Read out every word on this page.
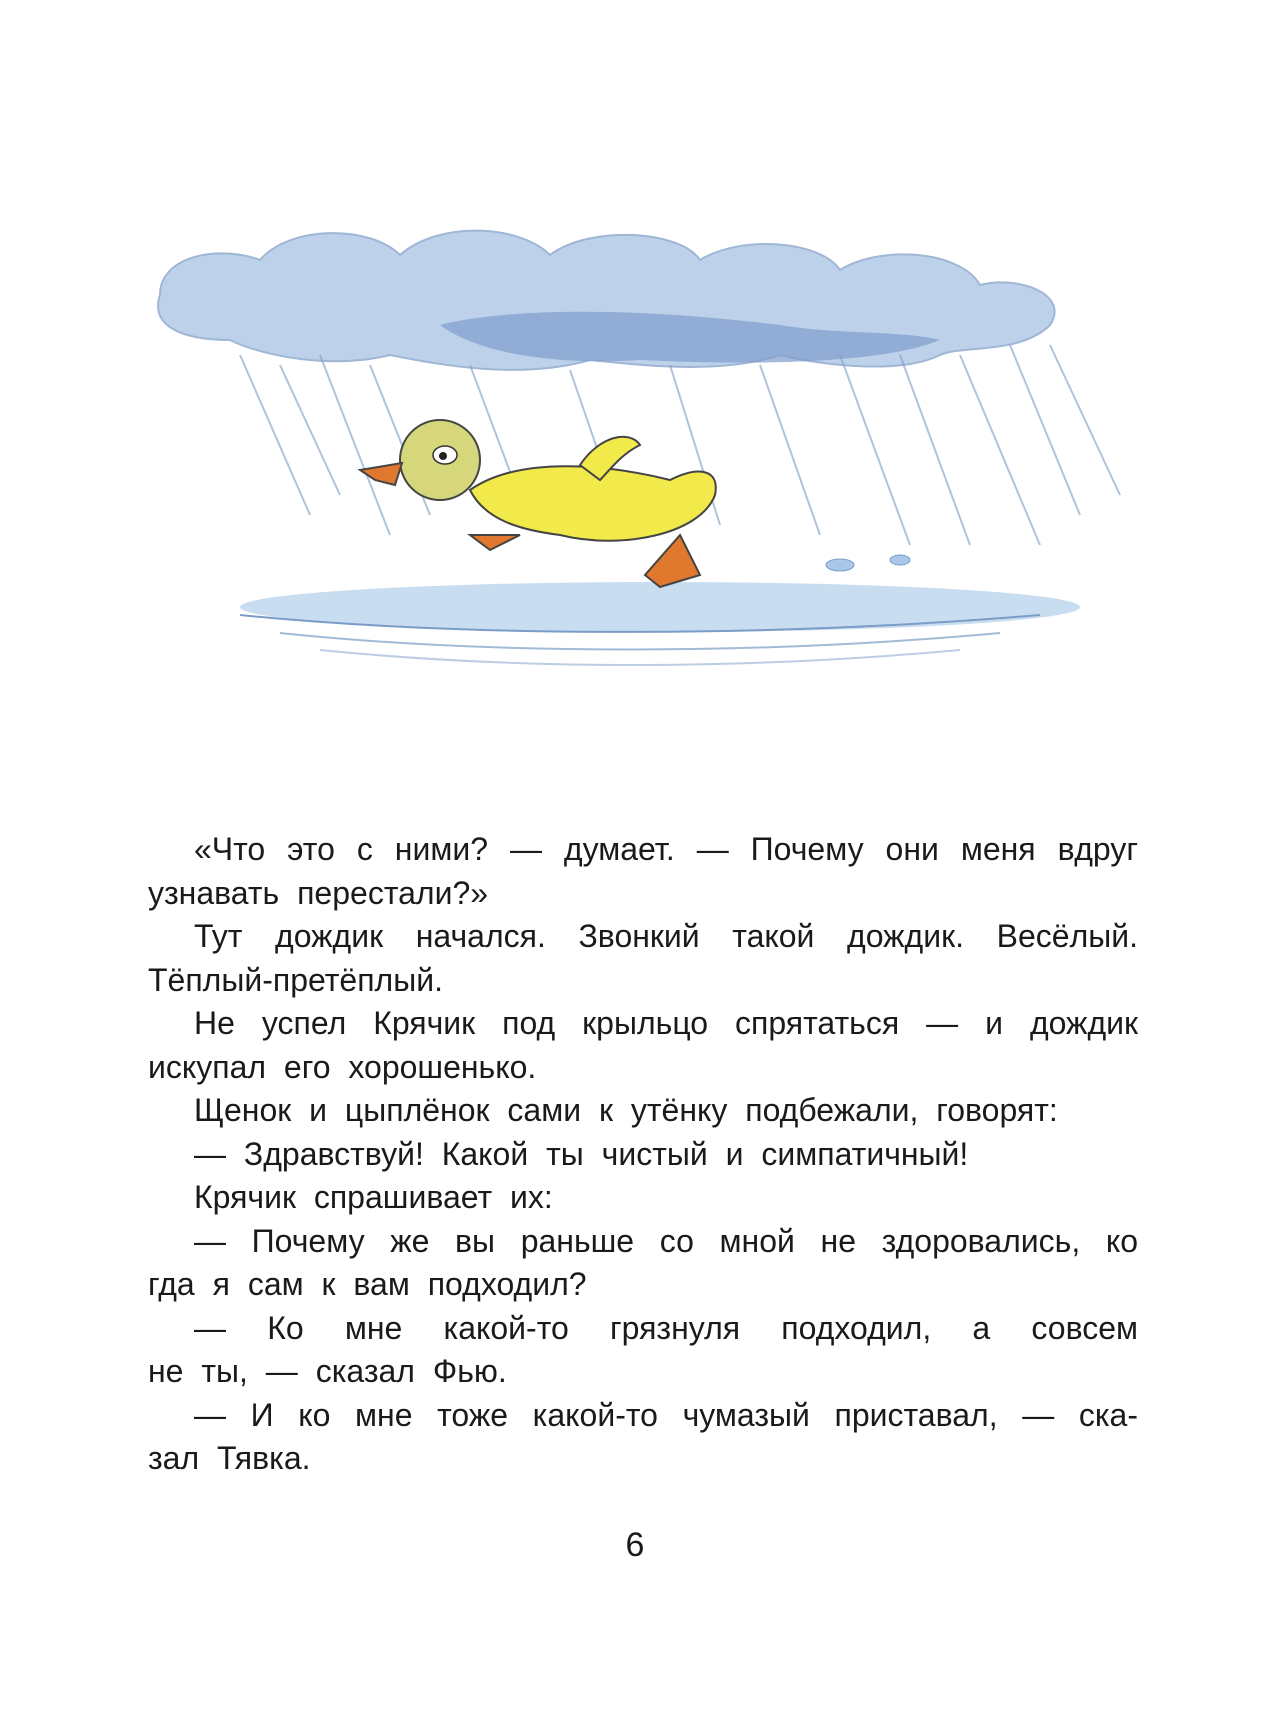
«Что это с ними? — думает. — Почему они меня вдруг
узнавать перестали?»
Тут дождик начался. Звонкий такой дождик. Весёлый.
Тёплый-претёплый.
Не успел Крячик под крыльцо спрятаться — и дождик
искупал его хорошенько.
Щенок и цыплёнок сами к утёнку подбежали, говорят:
— Здравствуй! Какой ты чистый и симпатичный!
Крячик спрашивает их:
— Почему же вы раньше со мной не здоровались, ко
гда я сам к вам подходил?
— Ко мне какой-то грязнуля подходил, а совсем
не ты, — сказал Фью.
— И ко мне тоже какой-то чумазый приставал, — ска-
зал Тявка.
6
